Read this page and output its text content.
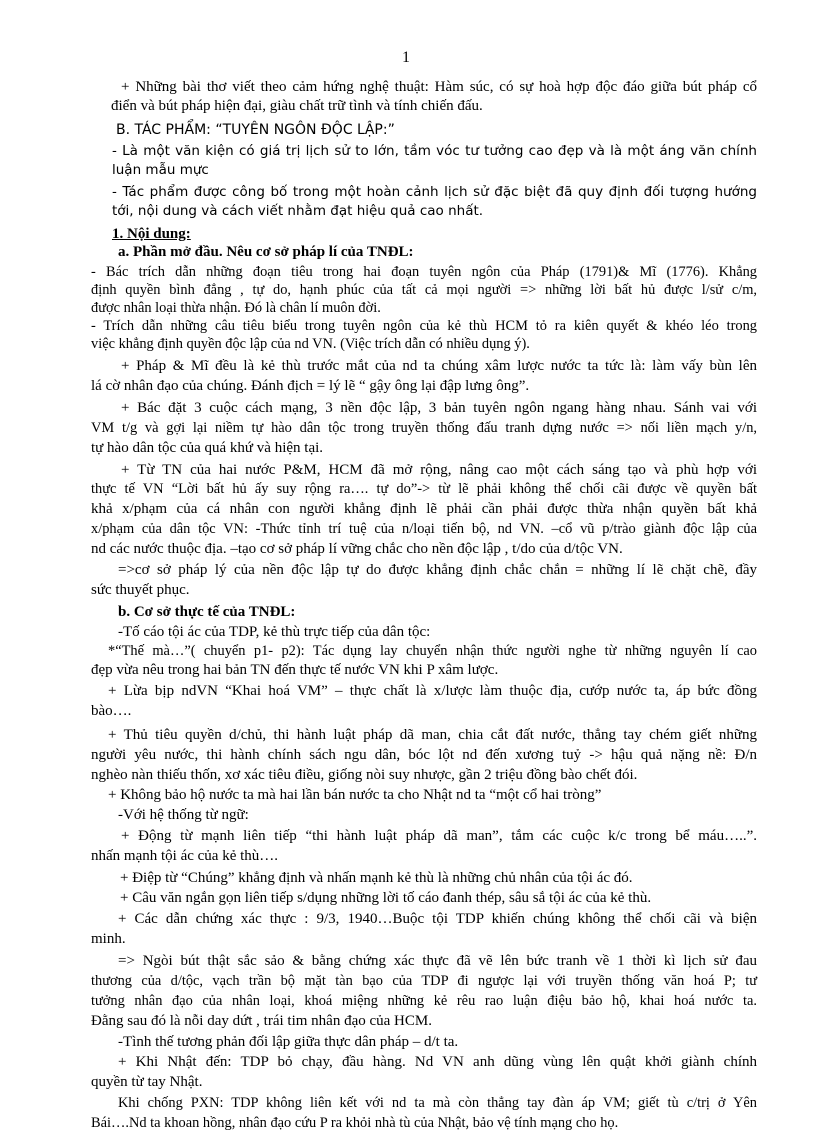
1
+ Những bài thơ viết theo cảm hứng nghệ thuật: Hàm súc, có sự hoà hợp độc đáo giữa bút pháp cổ
điển và bút pháp hiện đại, giàu chất trữ tình và tính chiến đấu.
B. TÁC PHẨM: “TUYÊN NGÔN ĐỘC LẬP:”
- Là một văn kiện có giá trị lịch sử to lớn, tầm vóc tư tưởng cao đẹp và là một áng văn chính
luận mẫu mực
- Tác phẩm được công bố trong một hoàn cảnh lịch sử đặc biệt đã quy định đối tượng hướng
tới, nội dung và cách viết nhằm đạt hiệu quả cao nhất.
1. Nội dung:
a. Phần mở đầu. Nêu cơ sở pháp lí của TNĐL:
- Bác trích dẫn những đoạn tiêu trong hai đoạn tuyên ngôn của Pháp (1791)& Mĩ (1776). Khẳng
định quyền bình đẳng , tự do, hạnh phúc của tất cả mọi người => những lời bất hủ được l/sử c/m,
được nhân loại thừa nhận. Đó là chân lí muôn đời.
- Trích dẫn những câu tiêu biểu trong tuyên ngôn của kẻ thù HCM tỏ ra kiên quyết & khéo léo trong
việc khẳng định quyền độc lập của nd VN. (Việc trích dẫn có nhiều dụng ý).
+ Pháp & Mĩ đều là kẻ thù trước mắt của nd ta chúng xâm lược nước ta tức là: làm vấy bùn lên
lá cờ nhân đạo của chúng. Đánh địch = lý lẽ “ gậy ông lại đập lưng ông”.
+ Bác đặt 3 cuộc cách mạng, 3 nền độc lập, 3 bản tuyên ngôn ngang hàng nhau. Sánh vai với
VM t/g và gợi lại niềm tự hào dân tộc trong truyền thống đấu tranh dựng nước => nối liền mạch y/n,
tự hào dân tộc của quá khứ và hiện tại.
+ Từ TN của hai nước P&M, HCM đã mở rộng, nâng cao một cách sáng tạo và phù hợp với
thực tế VN “Lời bất hủ ấy suy rộng ra…. tự do”-> từ lẽ phải không thể chối cãi được về quyền bất
khả x/phạm của cá nhân con người khẳng định lẽ phải cần phải được thừa nhận quyền bất khả
x/phạm của dân tộc VN: -Thức tỉnh trí tuệ của n/loại tiến bộ, nd VN. –cổ vũ p/trào giành độc lập của
nd các nước thuộc địa. –tạo cơ sở pháp lí vững chắc cho nền độc lập , t/do của d/tộc VN.
=>cơ sở pháp lý của nền độc lập tự do được khẳng định chắc chắn = những lí lẽ chặt chẽ, đầy
sức thuyết phục.
b. Cơ sở thực tế của TNĐL:
-Tố cáo tội ác của TDP, kẻ thù trực tiếp của dân tộc:
*“Thế mà…”( chuyển p1- p2): Tác dụng lay chuyển nhận thức người nghe từ những nguyên lí cao
đẹp vừa nêu trong hai bản TN đến thực tế nước VN khi P xâm lược.
+ Lừa bịp ndVN “Khai hoá VM” – thực chất là x/lược làm thuộc địa, cướp nước ta, áp bức đồng
bào….
+ Thủ tiêu quyền d/chủ, thi hành luật pháp dã man, chia cắt đất nước, thẳng tay chém giết những
người yêu nước, thi hành chính sách ngu dân, bóc lột nd đến xương tuỷ -> hậu quả nặng nề: Đ/n
nghèo nàn thiếu thốn, xơ xác tiêu điều, giống nòi suy nhược, gần 2 triệu đồng bào chết đói.
+ Không bảo hộ nước ta mà hai lần bán nước ta cho Nhật nd ta “một cổ hai tròng”
-Với hệ thống từ ngữ:
+ Động từ mạnh liên tiếp “thi hành luật pháp dã man”, tắm các cuộc k/c trong bể máu…..”.
nhấn mạnh tội ác của kẻ thù….
+ Điệp từ “Chúng” khẳng định và nhấn mạnh kẻ thù là những chủ nhân của tội ác đó.
+ Câu văn ngắn gọn liên tiếp s/dụng những lời tố cáo đanh thép, sâu sắ tội ác của kẻ thù.
+ Các dẫn chứng xác thực : 9/3, 1940…Buộc tội TDP khiến chúng không thể chối cãi và biện
minh.
=> Ngòi bút thật sắc sảo & bằng chứng xác thực đã vẽ lên bức tranh về 1 thời kì lịch sử đau
thương của d/tộc, vạch trần bộ mặt tàn bạo của TDP đi ngược lại với truyền thống văn hoá P; tư
tưởng nhân đạo của nhân loại, khoá miệng những kẻ rêu rao luận điệu bảo hộ, khai hoá nước ta.
Đằng sau đó là nỗi day dứt , trái tim nhân đạo của HCM.
-Tình thế tương phản đối lập giữa thực dân pháp – d/t ta.
+ Khi Nhật đến: TDP bỏ chạy, đầu hàng. Nd VN anh dũng vùng lên quật khởi giành chính
quyền từ tay Nhật.
Khi chống PXN: TDP không liên kết với nd ta mà còn thẳng tay đàn áp VM; giết tù c/trị ở Yên
Bái….Nd ta khoan hồng, nhân đạo cứu P ra khỏi nhà tù của Nhật, bảo vệ tính mạng cho họ.
